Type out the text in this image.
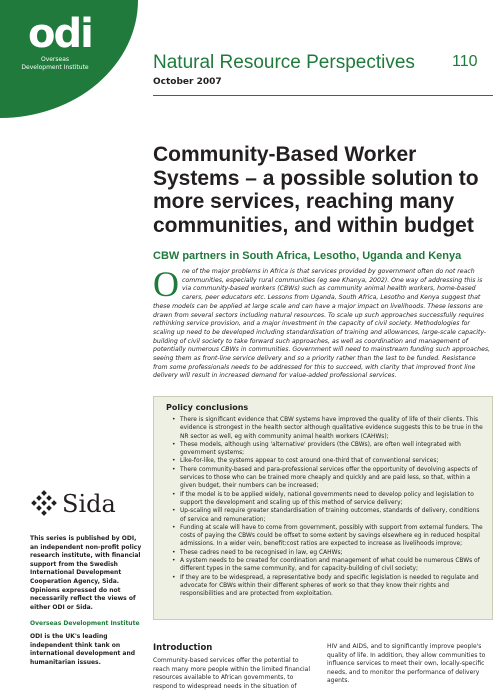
odi
Overseas Development Institute	Natural Resource Perspectives 110
October 2007
Community-Based Worker Systems – a possible solution to more services, reaching many communities, and within budget
CBW partners in South Africa, Lesotho, Uganda and Kenya
One of the major problems in Africa is that services provided by government often do not reach communities, especially rural communities (eg see Khanya, 2002). One way of addressing this is via community-based workers (CBWs) such as community animal health workers, home-based carers, peer educators etc. Lessons from Uganda, South Africa, Lesotho and Kenya suggest that these models can be applied at large scale and can have a major impact on livelihoods. These lessons are drawn from several sectors including natural resources. To scale up such approaches successfully requires rethinking service provision, and a major investment in the capacity of civil society. Methodologies for scaling up need to be developed including standardisation of training and allowances, large-scale capacity-building of civil society to take forward such approaches, as well as coordination and management of potentially numerous CBWs in communities. Government will need to mainstream funding such approaches, seeing them as front-line service delivery and so a priority rather than the last to be funded. Resistance from some professionals needs to be addressed for this to succeed, with clarity that improved front line delivery will result in increased demand for value-added professional services.
Policy conclusions
• There is significant evidence that CBW systems have improved the quality of life of their clients. This evidence is strongest in the health sector although qualitative evidence suggests this to be true in the NR sector as well, eg with community animal health workers (CAHWs);
• These models, although using 'alternative' providers (the CBWs), are often well integrated with government systems;
• Like-for-like, the systems appear to cost around one-third that of conventional services;
• There community-based and para-professional services offer the opportunity of devolving aspects of services to those who can be trained more cheaply and quickly and are paid less, so that, within a given budget, their numbers can be increased;
• If the model is to be applied widely, national governments need to develop policy and legislation to support the development and scaling up of this method of service delivery;
• Up-scaling will require greater standardisation of training outcomes, standards of delivery, conditions of service and remuneration;
• Funding at scale will have to come from government, possibly with support from external funders. The costs of paying the CBWs could be offset to some extent by savings elsewhere eg in reduced hospital admissions. In a wider vein, benefit:cost ratios are expected to increase as livelihoods improve;
• These cadres need to be recognised in law, eg CAHWs;
• A system needs to be created for coordination and management of what could be numerous CBWs of different types in the same community, and for capacity-building of civil society;
• If they are to be widespread, a representative body and specific legislation is needed to regulate and advocate for CBWs within their different spheres of work so that they know their rights and responsibilities and are protected from exploitation.
Sida

This series is published by ODI, an independent non-profit policy research institute, with financial support from the Swedish International Development Cooperation Agency, Sida. Opinions expressed do not necessarily reflect the views of either ODI or Sida.

Overseas Development Institute

ODI is the UK's leading independent think tank on international development and humanitarian issues.

Introduction
Community-based services offer the potential to reach many more people within the limited financial resources available to African governments, to respond to widespread needs in the situation of
HIV and AIDS, and to significantly improve people's quality of life. In addition, they allow communities to influence services to meet their own, locally-specific needs, and to monitor the performance of delivery agents.
